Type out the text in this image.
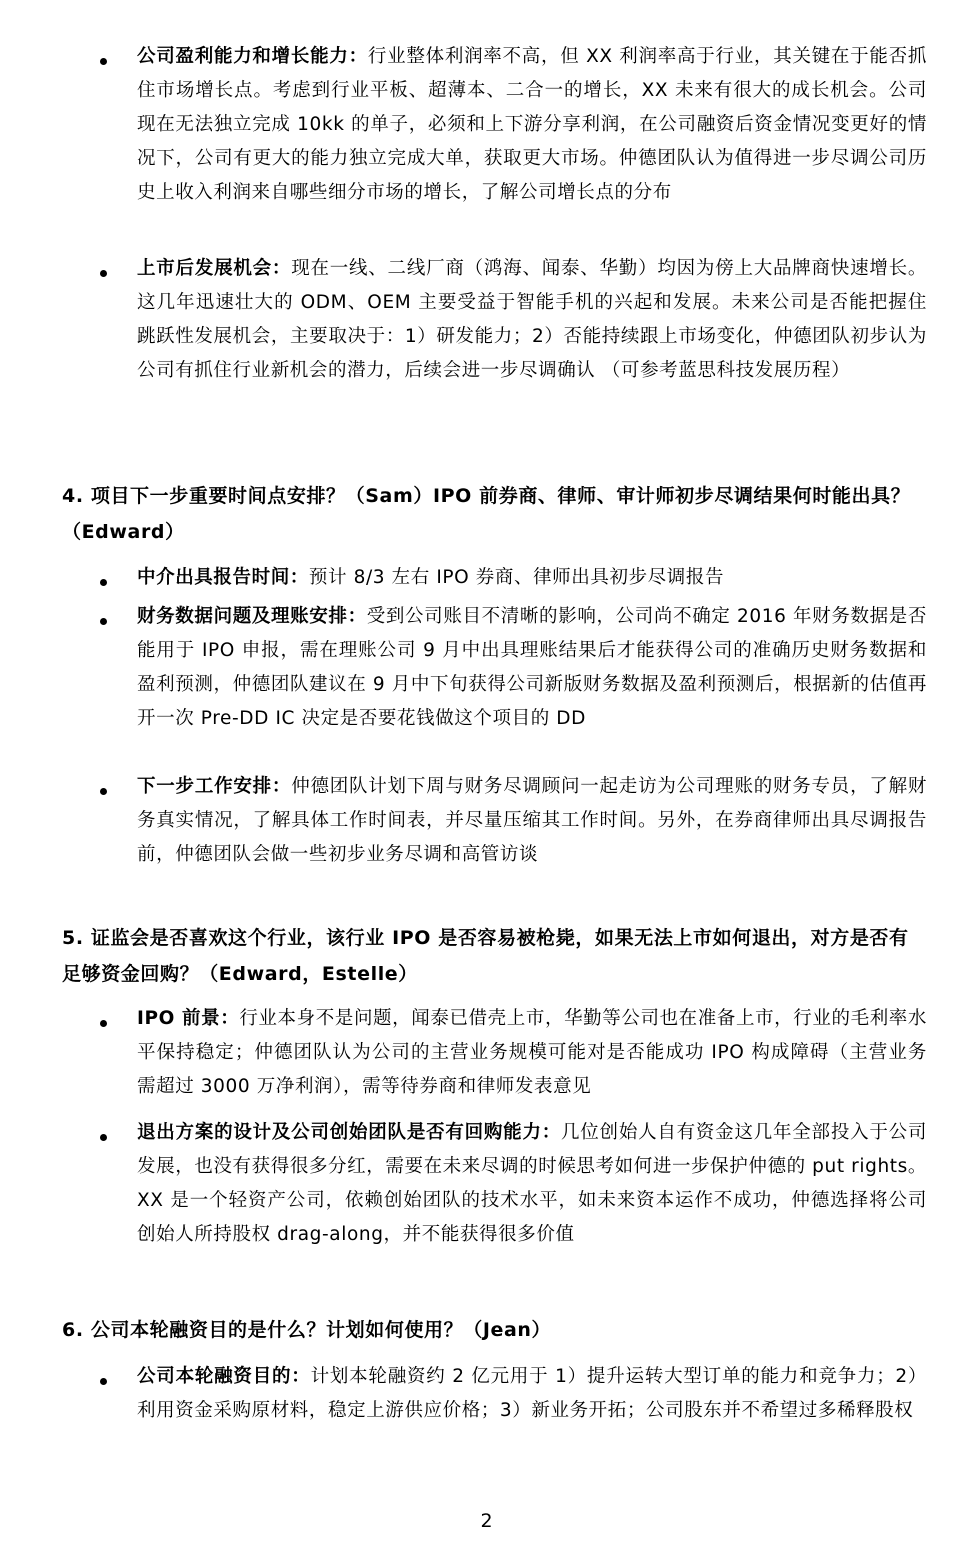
公司盈利能力和增长能力：行业整体利润率不高，但 XX 利润率高于行业，其关键在于能否抓住市场增长点。考虑到行业平板、超薄本、二合一的增长，XX 未来有很大的成长机会。公司现在无法独立完成 10kk 的单子，必须和上下游分享利润，在公司融资后资金情况变更好的情况下，公司有更大的能力独立完成大单，获取更大市场。仲德团队认为值得进一步尽调公司历史上收入利润来自哪些细分市场的增长，了解公司增长点的分布
上市后发展机会：现在一线、二线厂商（鸿海、闻泰、华勤）均因为傍上大品牌商快速增长。这几年迅速壮大的 ODM、OEM 主要受益于智能手机的兴起和发展。未来公司是否能把握住跳跃性发展机会，主要取决于：1）研发能力；2）否能持续跟上市场变化，仲德团队初步认为公司有抓住行业新机会的潜力，后续会进一步尽调确认 （可参考蓝思科技发展历程）
4. 项目下一步重要时间点安排？（Sam）IPO 前券商、律师、审计师初步尽调结果何时能出具？ （Edward）
中介出具报告时间：预计 8/3 左右 IPO 券商、律师出具初步尽调报告
财务数据问题及理账安排：受到公司账目不清晰的影响，公司尚不确定 2016 年财务数据是否能用于 IPO 申报，需在理账公司 9 月中出具理账结果后才能获得公司的准确历史财务数据和盈利预测，仲德团队建议在 9 月中下旬获得公司新版财务数据及盈利预测后，根据新的估值再开一次 Pre-DD IC 决定是否要花钱做这个项目的 DD
下一步工作安排：仲德团队计划下周与财务尽调顾问一起走访为公司理账的财务专员，了解财务真实情况，了解具体工作时间表，并尽量压缩其工作时间。另外，在券商律师出具尽调报告前，仲德团队会做一些初步业务尽调和高管访谈
5. 证监会是否喜欢这个行业，该行业 IPO 是否容易被枪毙，如果无法上市如何退出，对方是否有足够资金回购？（Edward，Estelle）
IPO 前景：行业本身不是问题，闻泰已借壳上市，华勤等公司也在准备上市，行业的毛利率水平保持稳定；仲德团队认为公司的主营业务规模可能对是否能成功 IPO 构成障碍（主营业务需超过 3000 万净利润），需等待券商和律师发表意见
退出方案的设计及公司创始团队是否有回购能力：几位创始人自有资金这几年全部投入于公司发展，也没有获得很多分红，需要在未来尽调的时候思考如何进一步保护仲德的 put rights。XX 是一个轻资产公司，依赖创始团队的技术水平，如未来资本运作不成功，仲德选择将公司创始人所持股权 drag-along，并不能获得很多价值
6. 公司本轮融资目的是什么？计划如何使用？（Jean）
公司本轮融资目的：计划本轮融资约 2 亿元用于 1）提升运转大型订单的能力和竞争力；2）利用资金采购原材料，稳定上游供应价格；3）新业务开拓；公司股东并不希望过多稀释股权
2
